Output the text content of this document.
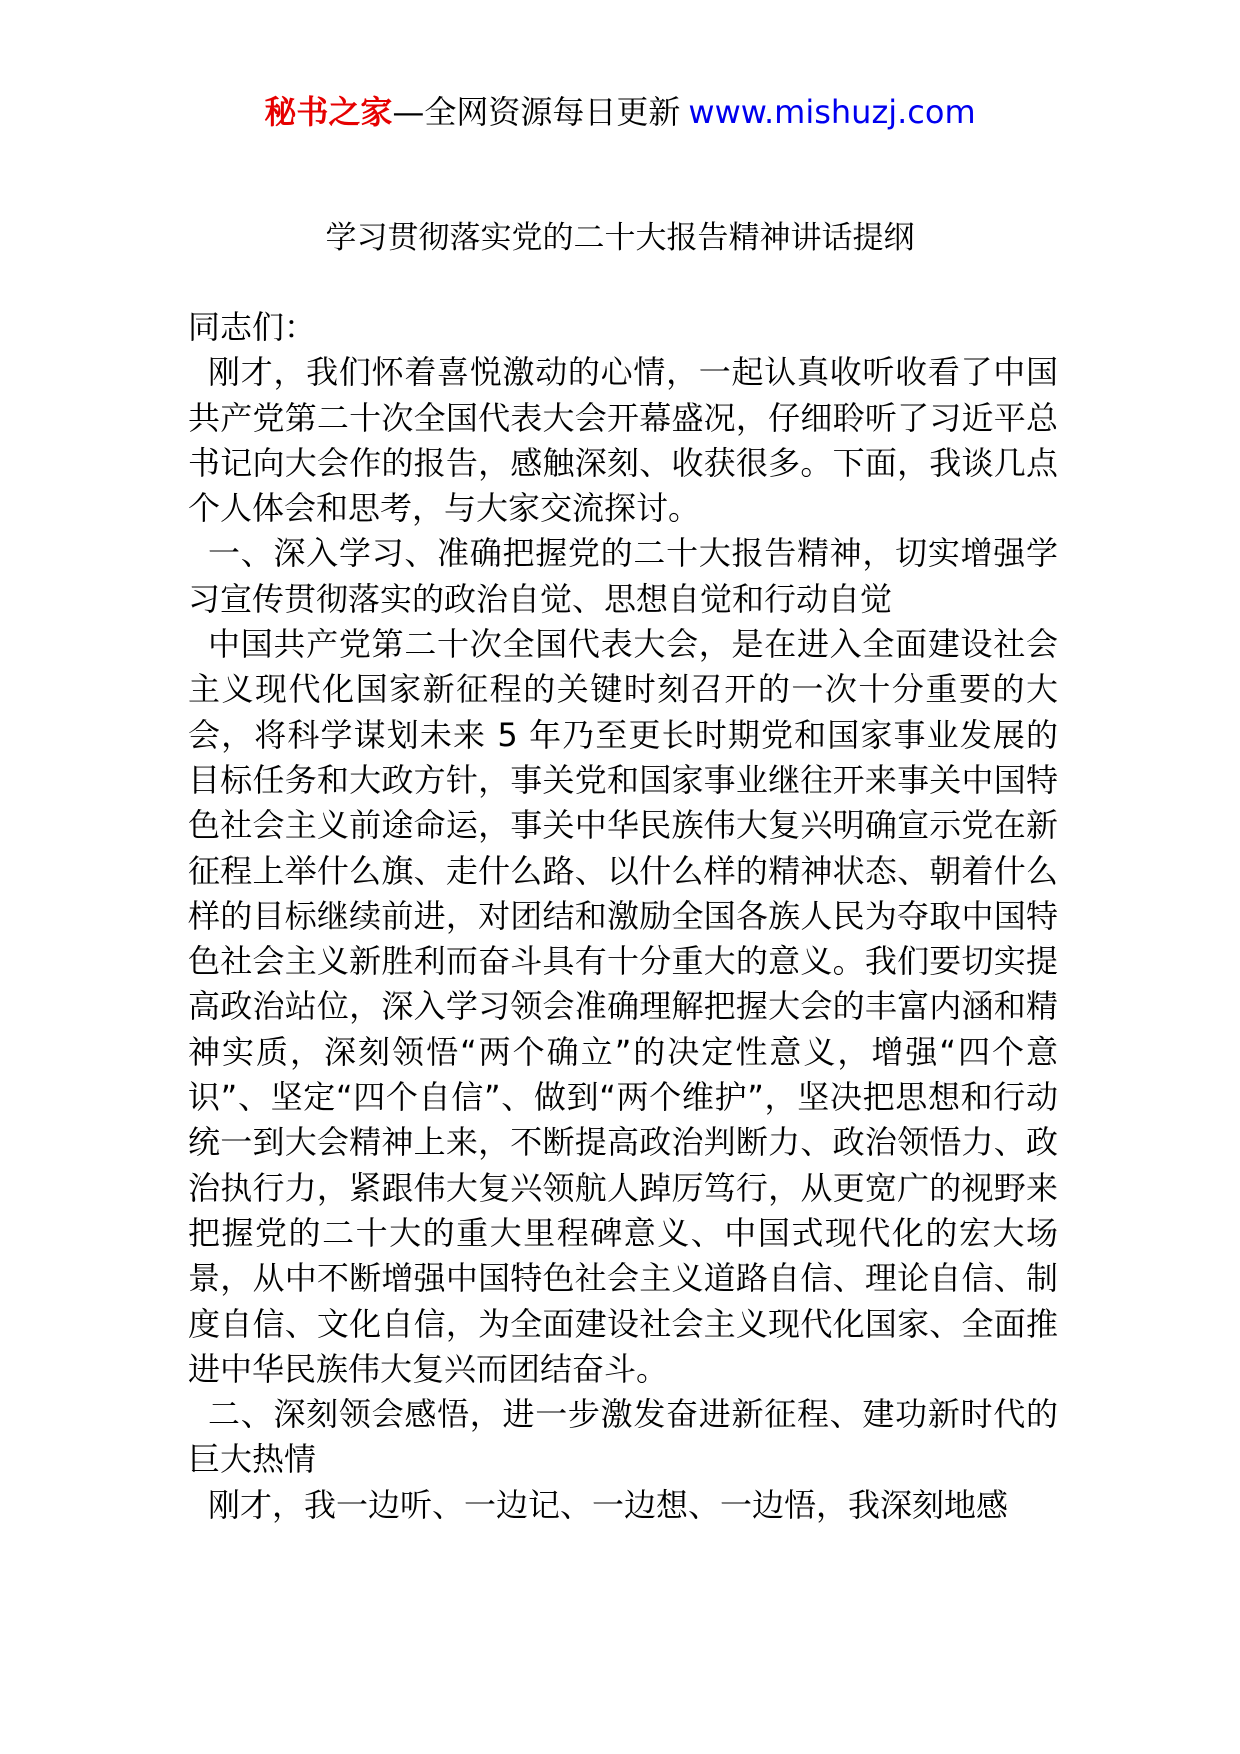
秘书之家—全网资源每日更新 www.mishuzj.com
学习贯彻落实党的二十大报告精神讲话提纲

同志们：

刚才，我们怀着喜悦激动的心情，一起认真收听收看了中国共产党第二十次全国代表大会开幕盛况，仔细聆听了习近平总书记向大会作的报告，感触深刻、收获很多。下面，我谈几点个人体会和思考，与大家交流探讨。

一、深入学习、准确把握党的二十大报告精神，切实增强学习宣传贯彻落实的政治自觉、思想自觉和行动自觉

中国共产党第二十次全国代表大会，是在进入全面建设社会主义现代化国家新征程的关键时刻召开的一次十分重要的大会，将科学谋划未来 5 年乃至更长时期党和国家事业发展的目标任务和大政方针，事关党和国家事业继往开来事关中国特色社会主义前途命运，事关中华民族伟大复兴明确宣示党在新征程上举什么旗、走什么路、以什么样的精神状态、朝着什么样的目标继续前进，对团结和激励全国各族人民为夺取中国特色社会主义新胜利而奋斗具有十分重大的意义。我们要切实提高政治站位，深入学习领会准确理解把握大会的丰富内涵和精神实质，深刻领悟“两个确立”的决定性意义，增强“四个意识”、坚定“四个自信”、做到“两个维护”，坚决把思想和行动统一到大会精神上来，不断提高政治判断力、政治领悟力、政治执行力，紧跟伟大复兴领航人踔厉笃行，从更宽广的视野来把握党的二十大的重大里程碑意义、中国式现代化的宏大场景，从中不断增强中国特色社会主义道路自信、理论自信、制度自信、文化自信，为全面建设社会主义现代化国家、全面推进中华民族伟大复兴而团结奋斗。

二、深刻领会感悟，进一步激发奋进新征程、建功新时代的巨大热情

刚才，我一边听、一边记、一边想、一边悟，我深刻地感
